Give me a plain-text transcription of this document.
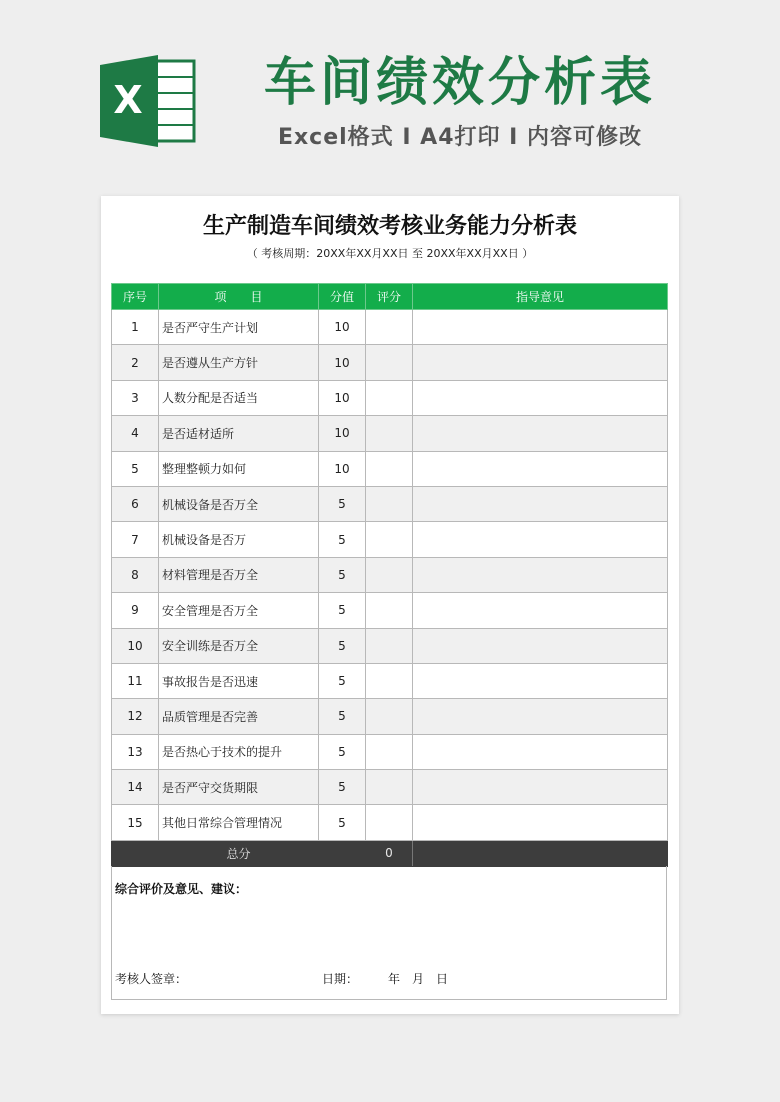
X 车间绩效分析表
Excel格式 I A4打印 I 内容可修改
生产制造车间绩效考核业务能力分析表
（ 考核周期：20XX年XX月XX日 至 20XX年XX月XX日 ）
序号	项　　目	分值	评分	指导意见
1	是否严守生产计划	10		
2	是否遵从生产方针	10		
3	人数分配是否适当	10		
4	是否适材适所	10		
5	整理整顿力如何	10		
6	机械设备是否万全	5		
7	机械设备是否万	5		
8	材料管理是否万全	5		
9	安全管理是否万全	5		
10	安全训练是否万全	5		
11	事故报告是否迅速	5		
12	品质管理是否完善	5		
13	是否热心于技术的提升	5		
14	是否严守交货期限	5		
15	其他日常综合管理情况	5		
总分			0	
综合评价及意见、建议：
考核人签章：	日期： 年　月　日
